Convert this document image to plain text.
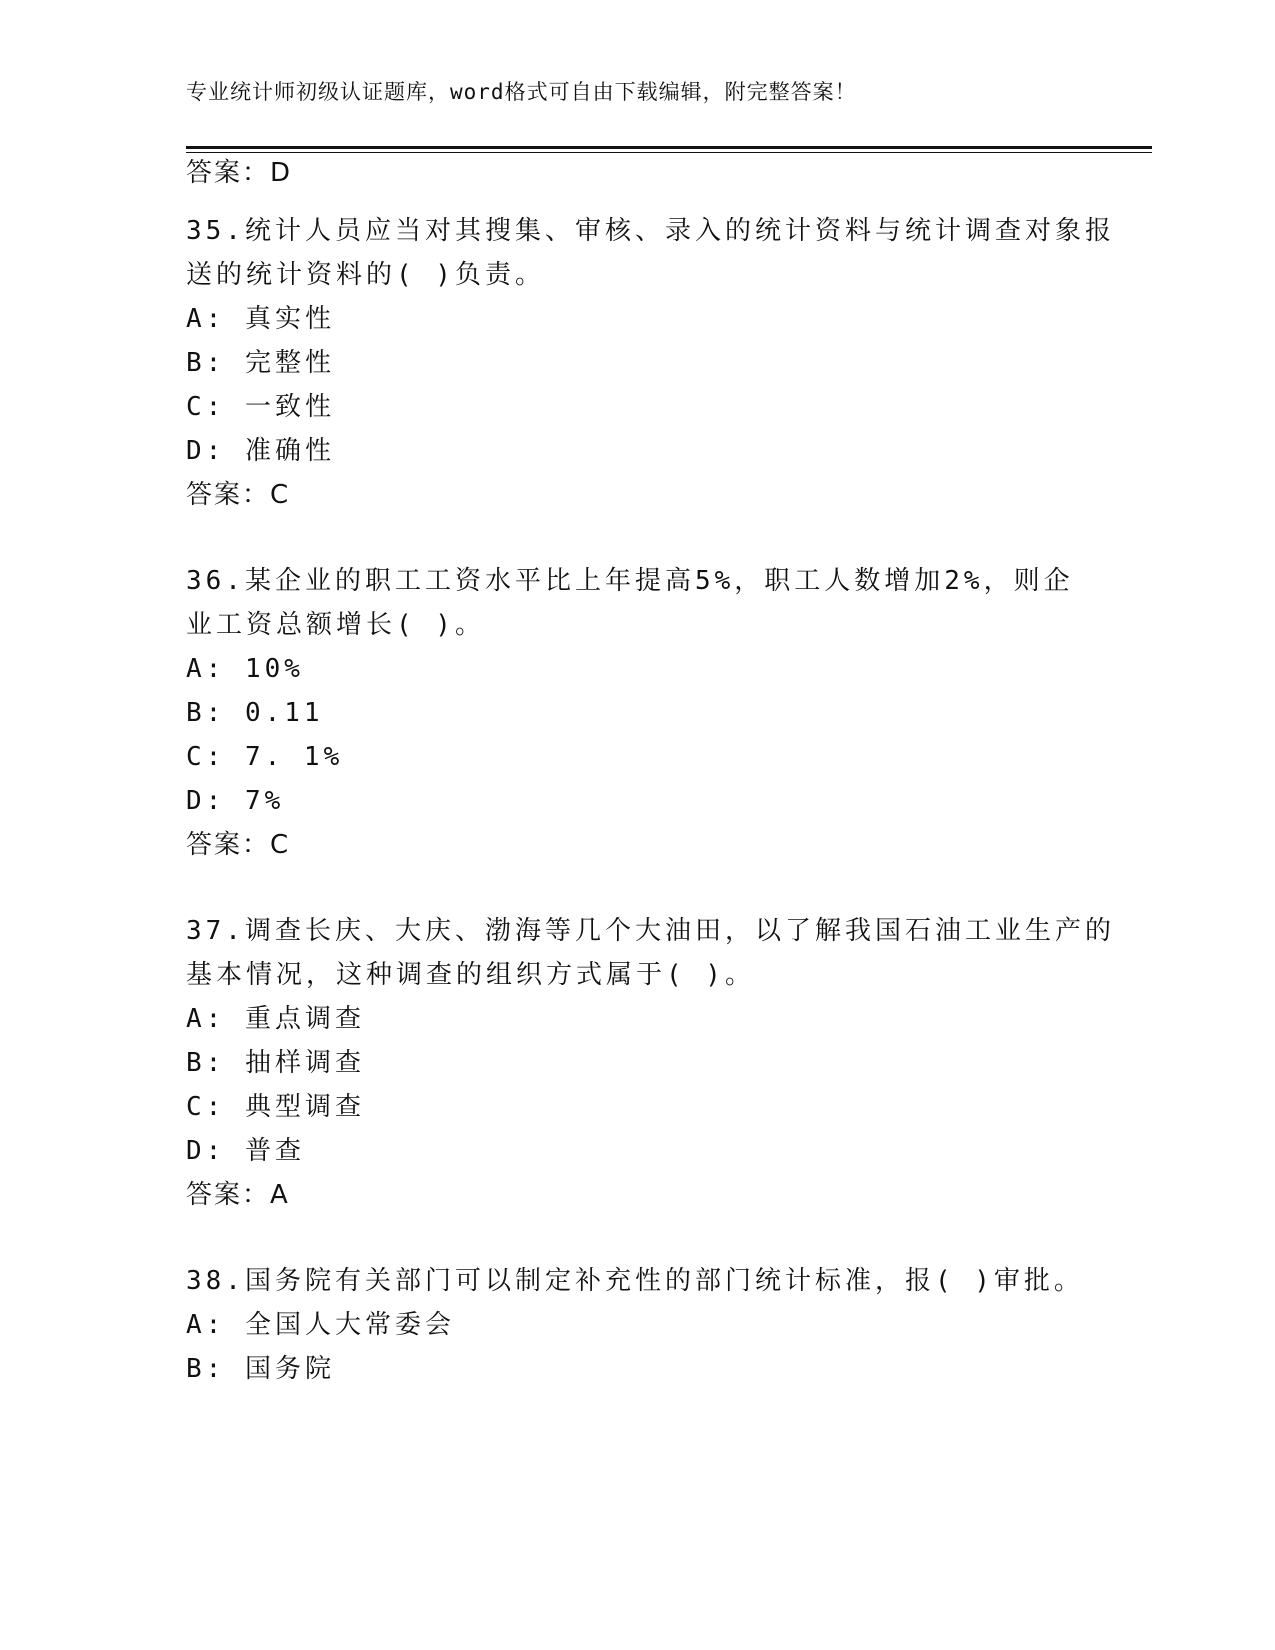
专业统计师初级认证题库，word格式可自由下载编辑，附完整答案！
答案：D
35.统计人员应当对其搜集、审核、录入的统计资料与统计调查对象报
送的统计资料的( )负责。
A: 真实性
B: 完整性
C: 一致性
D: 准确性
答案：C
36.某企业的职工工资水平比上年提高5%，职工人数增加2%，则企
业工资总额增长( )。
A: 10%
B: 0.11
C: 7. 1%
D: 7%
答案：C
37.调查长庆、大庆、渤海等几个大油田，以了解我国石油工业生产的
基本情况，这种调查的组织方式属于( )。
A: 重点调查
B: 抽样调查
C: 典型调查
D: 普查
答案：A
38.国务院有关部门可以制定补充性的部门统计标准，报( )审批。
A: 全国人大常委会
B: 国务院
